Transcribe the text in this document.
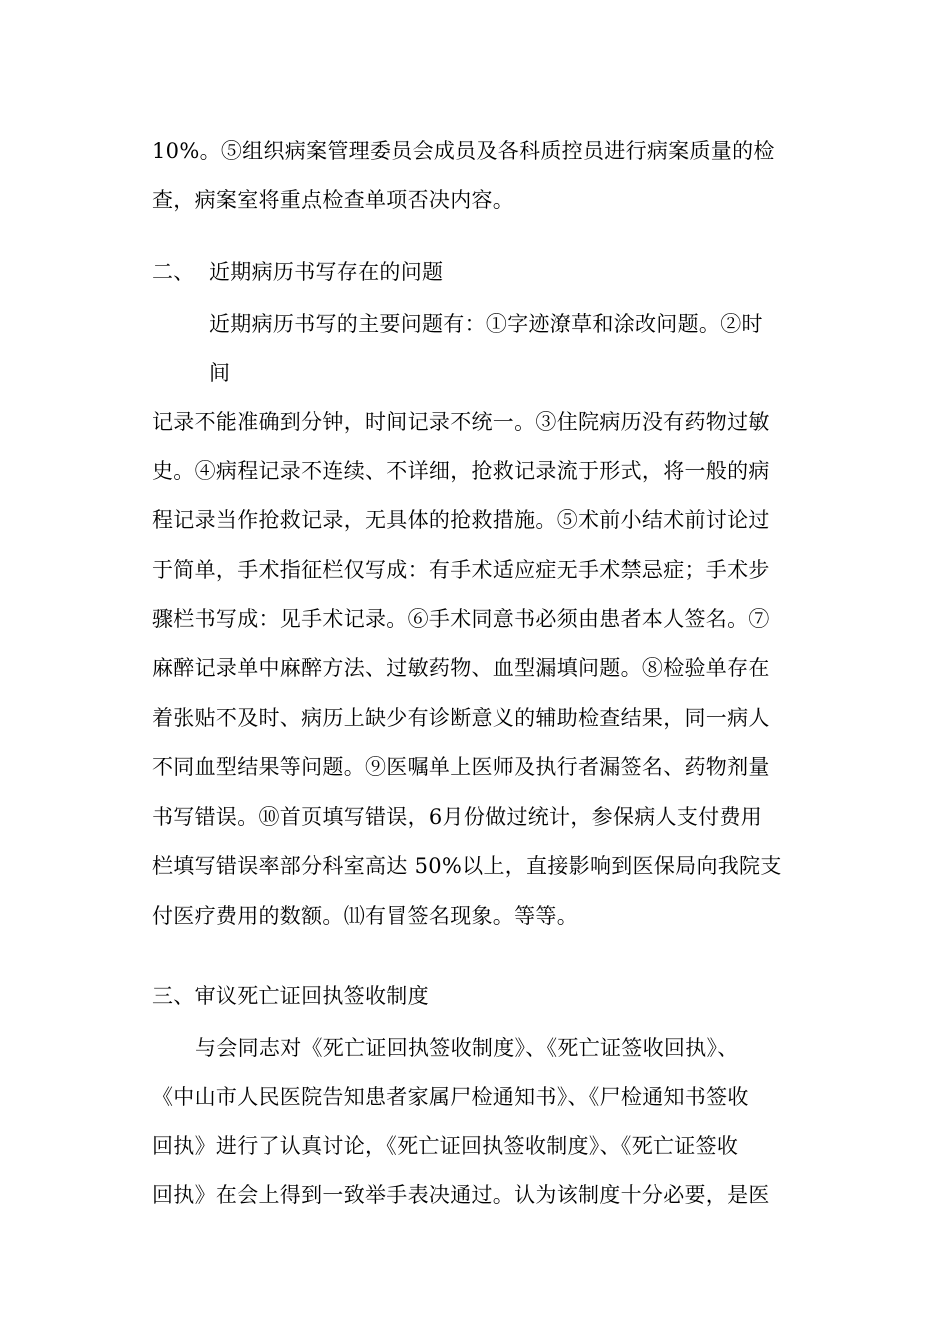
10%。⑤组织病案管理委员会成员及各科质控员进行病案质量的检
查，病案室将重点检查单项否决内容。
二、 近期病历书写存在的问题
近期病历书写的主要问题有：①字迹潦草和涂改问题。②时
间
记录不能准确到分钟，时间记录不统一。③住院病历没有药物过敏
史。④病程记录不连续、不详细，抢救记录流于形式，将一般的病
程记录当作抢救记录，无具体的抢救措施。⑤术前小结术前讨论过
于简单，手术指征栏仅写成：有手术适应症无手术禁忌症；手术步
骤栏书写成：见手术记录。⑥手术同意书必须由患者本人签名。⑦
麻醉记录单中麻醉方法、过敏药物、血型漏填问题。⑧检验单存在
着张贴不及时、病历上缺少有诊断意义的辅助检查结果，同一病人
不同血型结果等问题。⑨医嘱单上医师及执行者漏签名、药物剂量
书写错误。⑩首页填写错误，6月份做过统计，参保病人支付费用
栏填写错误率部分科室高达 50%以上，直接影响到医保局向我院支
付医疗费用的数额。⑾有冒签名现象。等等。
三、审议死亡证回执签收制度
与会同志对《死亡证回执签收制度》、《死亡证签收回执》、
《中山市人民医院告知患者家属尸检通知书》、《尸检通知书签收
回执》进行了认真讨论，《死亡证回执签收制度》、《死亡证签收
回执》在会上得到一致举手表决通过。认为该制度十分必要，是医
